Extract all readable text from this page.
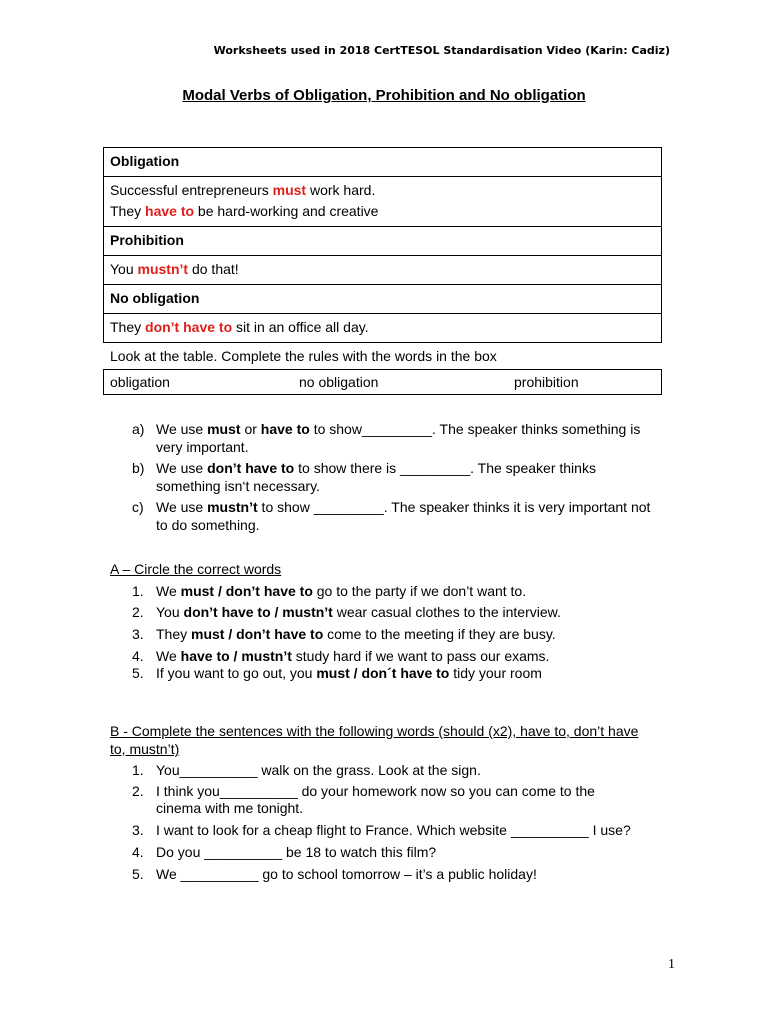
Worksheets used in 2018 CertTESOL Standardisation Video (Karin: Cadiz)
Modal Verbs of Obligation, Prohibition and No obligation
Obligation

Successful entrepreneurs must work hard.
They have to be hard-working and creative

Prohibition
You mustn’t do that!
No obligation
They don’t have to sit in an office all day.
Look at the table. Complete the rules with the words in the box
obligation	no obligation	prohibition
a) We use must or have to to show_________. The speaker thinks something is very important.
b) We use don’t have to to show there is _________. The speaker thinks something isn‘t necessary.
c) We use mustn’t to show _________. The speaker thinks it is very important not to do something.
A – Circle the correct words
1. We must / don’t have to go to the party if we don’t want to.
2. You don’t have to / mustn’t wear casual clothes to the interview.
3. They must / don’t have to come to the meeting if they are busy.
4. We have to / mustn’t study hard if we want to pass our exams.
5. If you want to go out, you must / don´t have to tidy your room
B - Complete the sentences with the following words (should (x2), have to, don’t have to, mustn’t)
1. You__________ walk on the grass. Look at the sign.
2. I think you__________ do your homework now so you can come to the cinema with me tonight.
3. I want to look for a cheap flight to France. Which website __________ I use?
4. Do you __________ be 18 to watch this film?
5. We __________ go to school tomorrow – it’s a public holiday!
1
